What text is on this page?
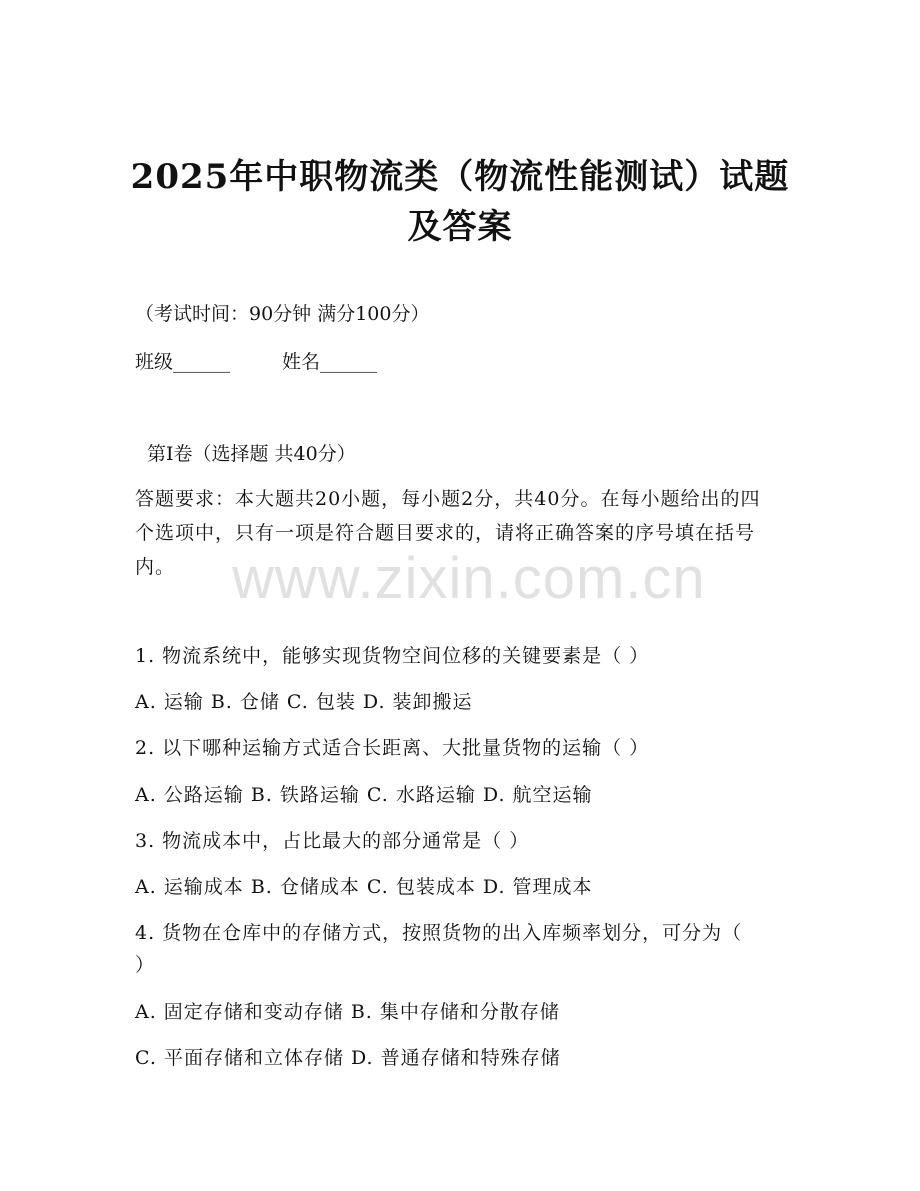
2025年中职物流类（物流性能测试）试题及答案
（考试时间：90分钟 满分100分）
班级______	姓名______
第Ⅰ卷（选择题 共40分）
答题要求：本大题共20小题，每小题2分，共40分。在每小题给出的四个选项中，只有一项是符合题目要求的，请将正确答案的序号填在括号内。 www.zixin.com.cn
1. 物流系统中，能够实现货物空间位移的关键要素是（ ）
A. 运输 B. 仓储 C. 包装 D. 装卸搬运
2. 以下哪种运输方式适合长距离、大批量货物的运输（ ）
A. 公路运输 B. 铁路运输 C. 水路运输 D. 航空运输
3. 物流成本中，占比最大的部分通常是（ ）
A. 运输成本 B. 仓储成本 C. 包装成本 D. 管理成本
4. 货物在仓库中的存储方式，按照货物的出入库频率划分，可分为（
）
A. 固定存储和变动存储 B. 集中存储和分散存储
C. 平面存储和立体存储 D. 普通存储和特殊存储
